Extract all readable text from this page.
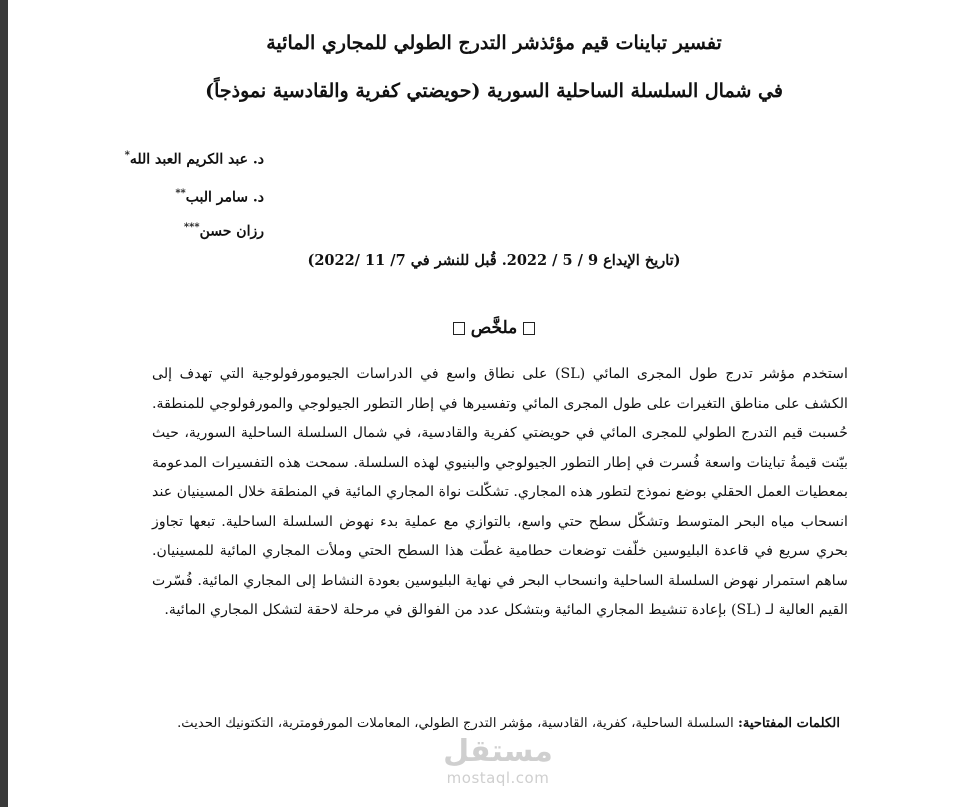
تفسير تباينات قيم مؤئذشر التدرج الطولي للمجاري المائية
في شمال السلسلة الساحلية السورية (حويضتي كفرية والقادسية نموذجاً)
د. عبد الكريم العبد الله*
د. سامر البب**
رزان حسن***
(تاريخ الإيداع 9 / 5 / 2022. قُبل للنشر في 7/ 11 /2022)
ملخَّص
استخدم مؤشر تدرج طول المجرى المائي (SL) على نطاق واسع في الدراسات الجيومورفولوجية التي تهدف إلى الكشف على مناطق التغيرات على طول المجرى المائي وتفسيرها في إطار التطور الجيولوجي والمورفولوجي للمنطقة. حُسبت قيم التدرج الطولي للمجرى المائي في حويضتي كفرية والقادسية، في شمال السلسلة الساحلية السورية، حيث بيّنت قيمةُ تباينات واسعة فُسرت في إطار التطور الجيولوجي والبنيوي لهذه السلسلة. سمحت هذه التفسيرات المدعومة بمعطيات العمل الحقلي بوضع نموذج لتطور هذه المجاري. تشكّلت نواة المجاري المائية في المنطقة خلال المسينيان عند انسحاب مياه البحر المتوسط وتشكّل سطح حتي واسع، بالتوازي مع عملية بدء نهوض السلسلة الساحلية. تبعها تجاوز بحري سريع في قاعدة البليوسين خلّفت توضعات حطامية غطّت هذا السطح الحتي وملأت المجاري المائية للمسينيان. ساهم استمرار نهوض السلسلة الساحلية وانسحاب البحر في نهاية البليوسين بعودة النشاط إلى المجاري المائية. فُسّرت القيم العالية لـ (SL) بإعادة تنشيط المجاري المائية وبتشكل عدد من الفوالق في مرحلة لاحقة لتشكل المجاري المائية.
الكلمات المفتاحية: السلسلة الساحلية، كفرية، القادسية، مؤشر التدرج الطولي، المعاملات المورفومترية، التكتونيك الحديث.
مستقل
mostaql.com
